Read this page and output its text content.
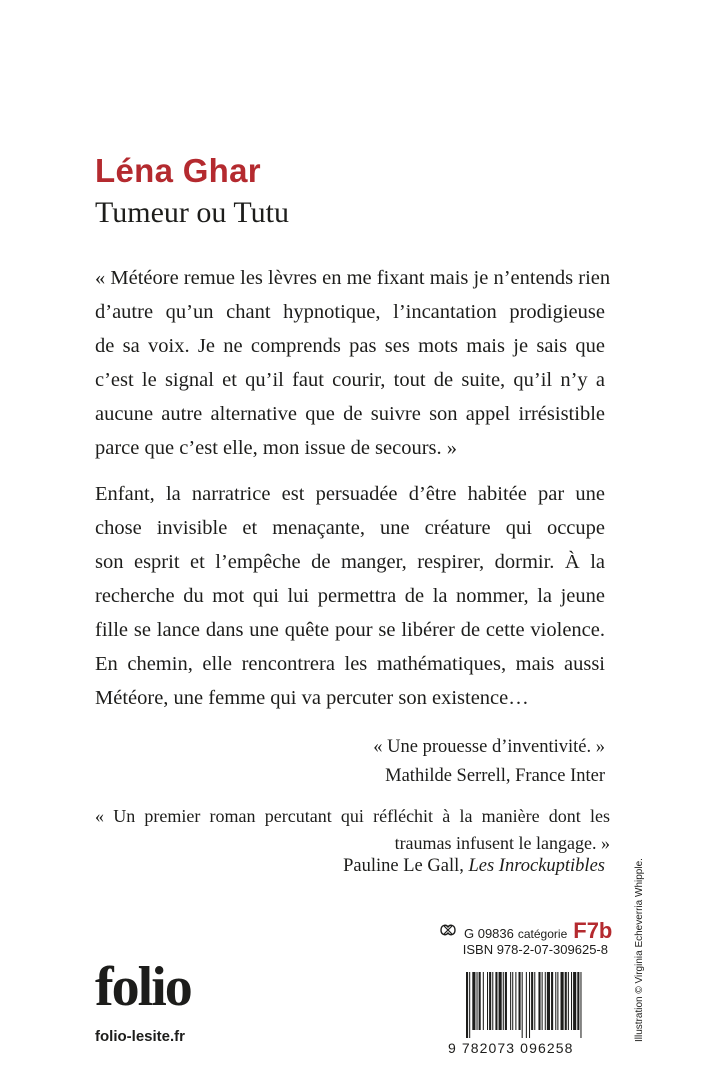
Léna Ghar
Tumeur ou Tutu
« Météore remue les lèvres en me fixant mais je n’entends rien
d’autre qu’un chant hypnotique, l’incantation prodigieuse
de sa voix. Je ne comprends pas ses mots mais je sais que
c’est le signal et qu’il faut courir, tout de suite, qu’il n’y a
aucune autre alternative que de suivre son appel irrésistible
parce que c’est elle, mon issue de secours. »
Enfant, la narratrice est persuadée d’être habitée par une
chose invisible et menaçante, une créature qui occupe
son esprit et l’empêche de manger, respirer, dormir. À la
recherche du mot qui lui permettra de la nommer, la jeune
fille se lance dans une quête pour se libérer de cette violence.
En chemin, elle rencontrera les mathématiques, mais aussi
Météore, une femme qui va percuter son existence…
« Une prouesse d’inventivité. »
Mathilde Serrell, France Inter
« Un premier roman percutant qui réfléchit à la manière dont les
traumas infusent le langage. »
Pauline Le Gall, Les Inrockuptibles
G 09836 catégorie F7b
ISBN 978-2-07-309625-8
9 782073 096258
folio
folio-lesite.fr	Illustration © Virginia Echeverria Whipple.
